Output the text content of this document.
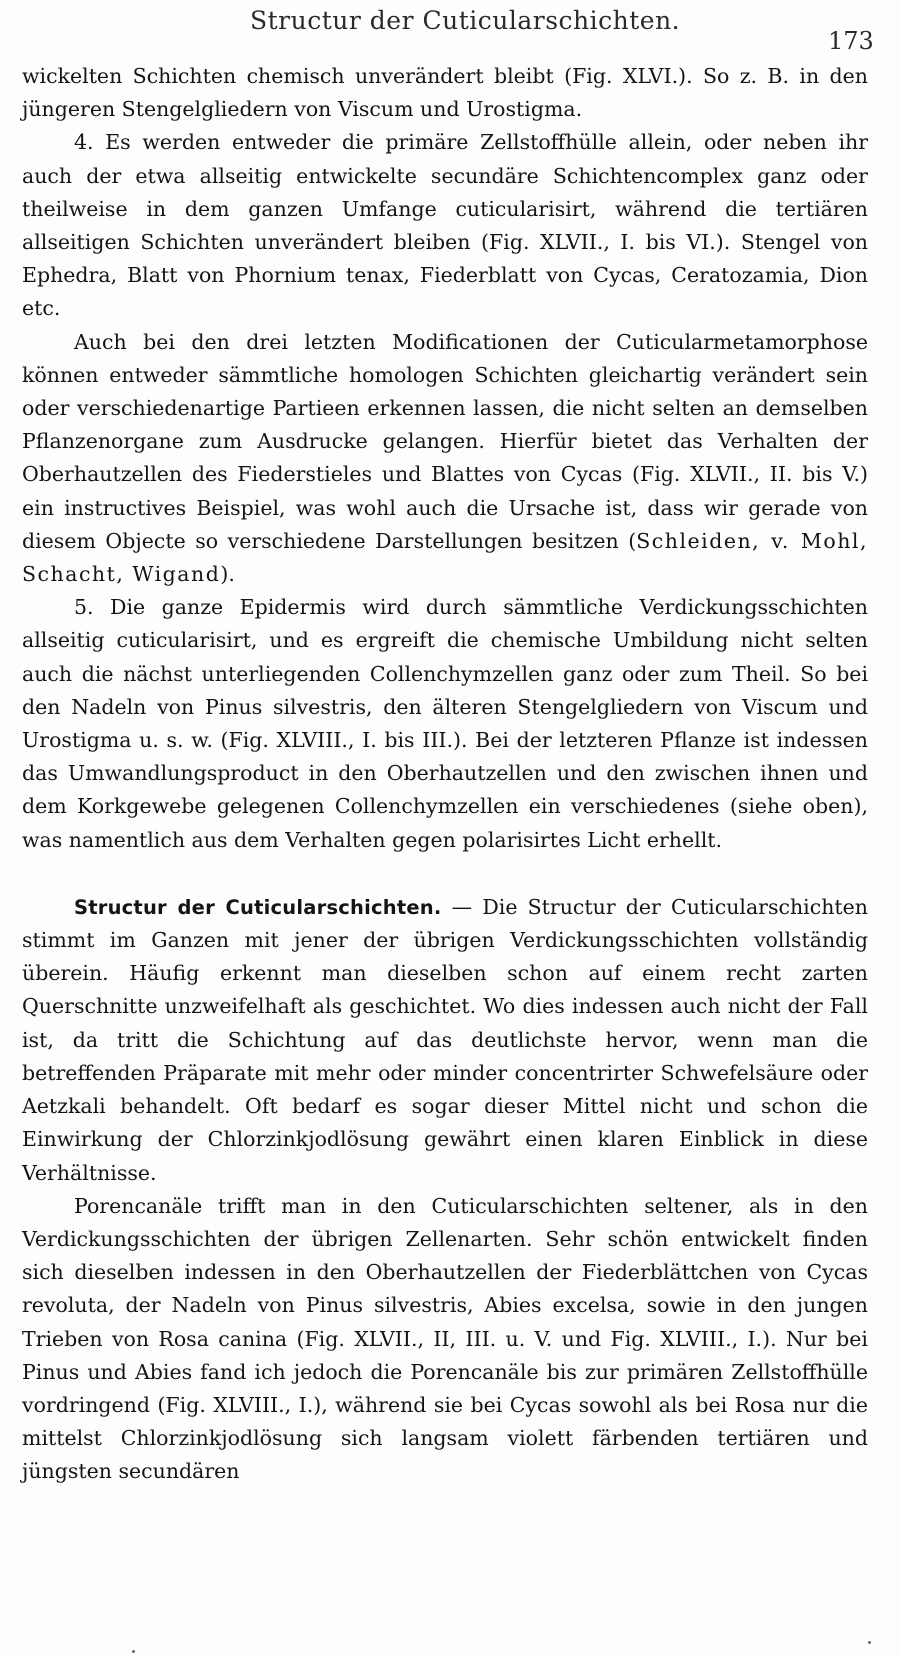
Structur der Cuticularschichten.
173

wickelten Schichten chemisch unverändert bleibt (Fig. XLVI.). So z. B. in den jüngeren Stengelgliedern von Viscum und Urostigma.

4. Es werden entweder die primäre Zellstoffhülle allein, oder neben ihr auch der etwa allseitig entwickelte secundäre Schichtencomplex ganz oder theilweise in dem ganzen Umfange cuticularisirt, während die tertiären allseitigen Schichten unverändert bleiben (Fig. XLVII., I. bis VI.). Stengel von Ephedra, Blatt von Phornium tenax, Fiederblatt von Cycas, Ceratozamia, Dion etc.

Auch bei den drei letzten Modificationen der Cuticularmetamorphose können entweder sämmtliche homologen Schichten gleichartig verändert sein oder verschiedenartige Partieen erkennen lassen, die nicht selten an demselben Pflanzenorgane zum Ausdrucke gelangen. Hierfür bietet das Verhalten der Oberhautzellen des Fiederstieles und Blattes von Cycas (Fig. XLVII., II. bis V.) ein instructives Beispiel, was wohl auch die Ursache ist, dass wir gerade von diesem Objecte so verschiedene Darstellungen besitzen (Schleiden, v. Mohl, Schacht, Wigand).

5. Die ganze Epidermis wird durch sämmtliche Verdickungsschichten allseitig cuticularisirt, und es ergreift die chemische Umbildung nicht selten auch die nächst unterliegenden Collenchymzellen ganz oder zum Theil. So bei den Nadeln von Pinus silvestris, den älteren Stengelgliedern von Viscum und Urostigma u. s. w. (Fig. XLVIII., I. bis III.). Bei der letzteren Pflanze ist indessen das Umwandlungsproduct in den Oberhautzellen und den zwischen ihnen und dem Korkgewebe gelegenen Collenchymzellen ein verschiedenes (siehe oben), was namentlich aus dem Verhalten gegen polarisirtes Licht erhellt.

Structur der Cuticularschichten. — Die Structur der Cuticularschichten stimmt im Ganzen mit jener der übrigen Verdickungsschichten vollständig überein. Häufig erkennt man dieselben schon auf einem recht zarten Querschnitte unzweifelhaft als geschichtet. Wo dies indessen auch nicht der Fall ist, da tritt die Schichtung auf das deutlichste hervor, wenn man die betreffenden Präparate mit mehr oder minder concentrirter Schwefelsäure oder Aetzkali behandelt. Oft bedarf es sogar dieser Mittel nicht und schon die Einwirkung der Chlorzinkjodlösung gewährt einen klaren Einblick in diese Verhältnisse.

Porencanäle trifft man in den Cuticularschichten seltener, als in den Verdickungsschichten der übrigen Zellenarten. Sehr schön entwickelt finden sich dieselben indessen in den Oberhautzellen der Fiederblättchen von Cycas revoluta, der Nadeln von Pinus silvestris, Abies excelsa, sowie in den jungen Trieben von Rosa canina (Fig. XLVII., II, III. u. V. und Fig. XLVIII., I.). Nur bei Pinus und Abies fand ich jedoch die Porencanäle bis zur primären Zellstoffhülle vordringend (Fig. XLVIII., I.), während sie bei Cycas sowohl als bei Rosa nur die mittelst Chlorzinkjodlösung sich langsam violett färbenden tertiären und jüngsten secundären
